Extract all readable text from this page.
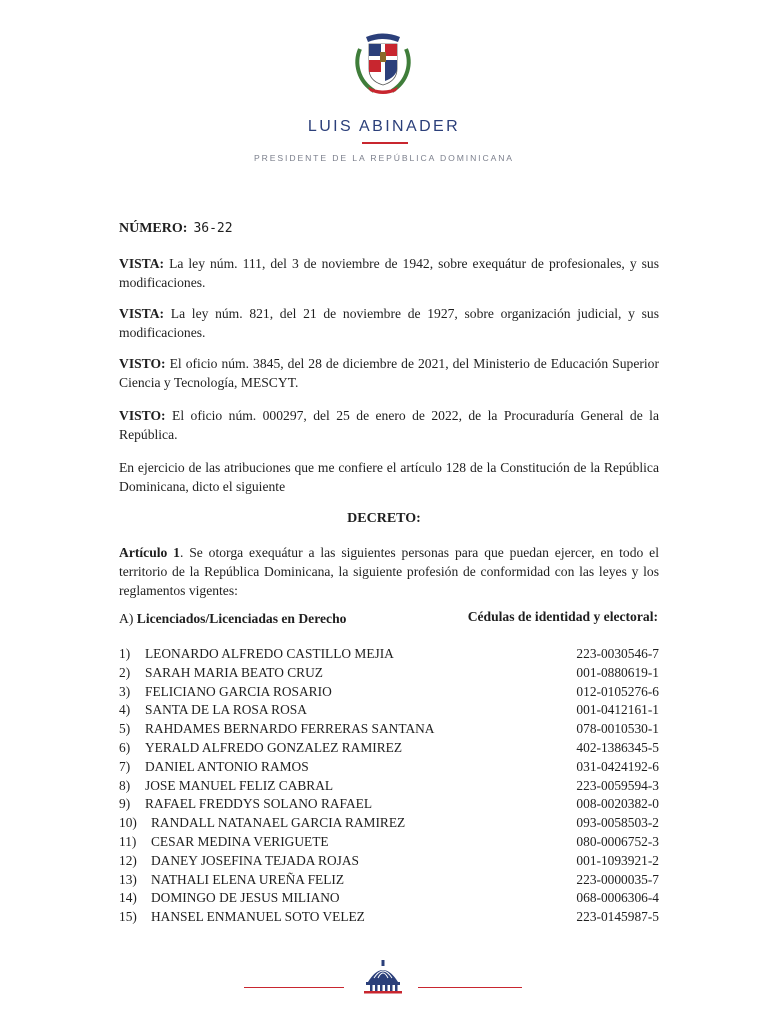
LUIS ABINADER
PRESIDENTE DE LA REPÚBLICA DOMINICANA
NÚMERO: 36-22
VISTA: La ley núm. 111, del 3 de noviembre de 1942, sobre exequátur de profesionales, y sus modificaciones.
VISTA: La ley núm. 821, del 21 de noviembre de 1927, sobre organización judicial, y sus modificaciones.
VISTO: El oficio núm. 3845, del 28 de diciembre de 2021, del Ministerio de Educación Superior Ciencia y Tecnología, MESCYT.
VISTO: El oficio núm. 000297, del 25 de enero de 2022, de la Procuraduría General de la República.
En ejercicio de las atribuciones que me confiere el artículo 128 de la Constitución de la República Dominicana, dicto el siguiente
DECRETO:
Artículo 1. Se otorga exequátur a las siguientes personas para que puedan ejercer, en todo el territorio de la República Dominicana, la siguiente profesión de conformidad con las leyes y los reglamentos vigentes:
A) Licenciados/Licenciadas en Derecho	Cédulas de identidad y electoral:
1) LEONARDO ALFREDO CASTILLO MEJIA	223-0030546-7
2) SARAH MARIA BEATO CRUZ	001-0880619-1
3) FELICIANO GARCIA ROSARIO	012-0105276-6
4) SANTA DE LA ROSA ROSA	001-0412161-1
5) RAHDAMES BERNARDO FERRERAS SANTANA	078-0010530-1
6) YERALD ALFREDO GONZALEZ RAMIREZ	402-1386345-5
7) DANIEL ANTONIO RAMOS	031-0424192-6
8) JOSE MANUEL FELIZ CABRAL	223-0059594-3
9) RAFAEL FREDDYS SOLANO RAFAEL	008-0020382-0
10) RANDALL NATANAEL GARCIA RAMIREZ	093-0058503-2
11) CESAR MEDINA VERIGUETE	080-0006752-3
12) DANEY JOSEFINA TEJADA ROJAS	001-1093921-2
13) NATHALI ELENA UREÑA FELIZ	223-0000035-7
14) DOMINGO DE JESUS MILIANO	068-0006306-4
15) HANSEL ENMANUEL SOTO VELEZ	223-0145987-5
